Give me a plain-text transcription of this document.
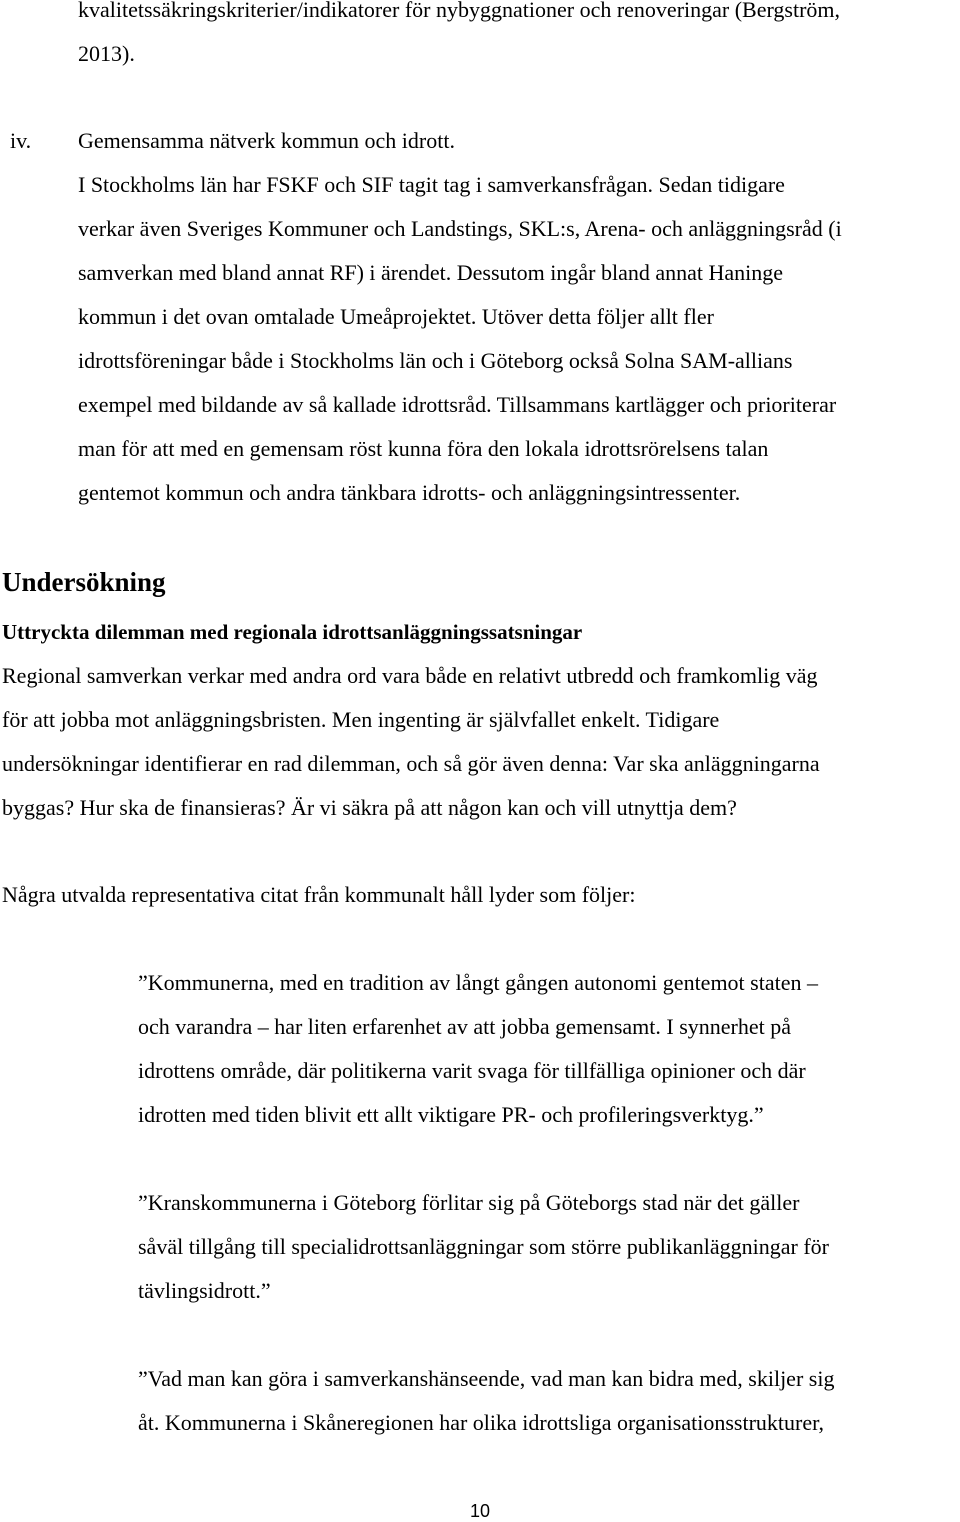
kvalitetssäkringskriterier/indikatorer för nybyggnationer och renoveringar (Bergström,
2013).
iv. Gemensamma nätverk kommun och idrott.
I Stockholms län har FSKF och SIF tagit tag i samverkansfrågan. Sedan tidigare
verkar även Sveriges Kommuner och Landstings, SKL:s, Arena- och anläggningsråd (i
samverkan med bland annat RF) i ärendet. Dessutom ingår bland annat Haninge
kommun i det ovan omtalade Umeåprojektet. Utöver detta följer allt fler
idrottsföreningar både i Stockholms län och i Göteborg också Solna SAM-allians
exempel med bildande av så kallade idrottsråd. Tillsammans kartlägger och prioriterar
man för att med en gemensam röst kunna föra den lokala idrottsrörelsens talan
gentemot kommun och andra tänkbara idrotts- och anläggningsintressenter.
Undersökning
Uttryckta dilemman med regionala idrottsanläggningssatsningar
Regional samverkan verkar med andra ord vara både en relativt utbredd och framkomlig väg
för att jobba mot anläggningsbristen. Men ingenting är självfallet enkelt. Tidigare
undersökningar identifierar en rad dilemman, och så gör även denna: Var ska anläggningarna
byggas? Hur ska de finansieras? Är vi säkra på att någon kan och vill utnyttja dem?
Några utvalda representativa citat från kommunalt håll lyder som följer:
”Kommunerna, med en tradition av långt gången autonomi gentemot staten –
och varandra – har liten erfarenhet av att jobba gemensamt. I synnerhet på
idrottens område, där politikerna varit svaga för tillfälliga opinioner och där
idrotten med tiden blivit ett allt viktigare PR- och profileringsverktyg.”
”Kranskommunerna i Göteborg förlitar sig på Göteborgs stad när det gäller
såväl tillgång till specialidrottsanläggningar som större publikanläggningar för
tävlingsidrott.”
”Vad man kan göra i samverkanshänseende, vad man kan bidra med, skiljer sig
åt. Kommunerna i Skåneregionen har olika idrottsliga organisationsstrukturer,
10
